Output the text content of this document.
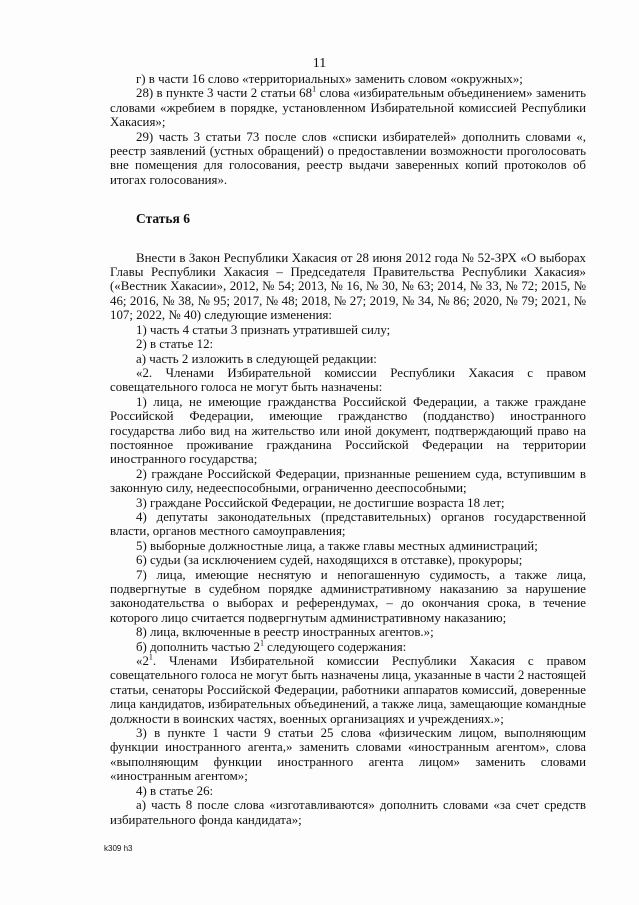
11

г) в части 16 слово «территориальных» заменить словом «окружных»;

28) в пункте 3 части 2 статьи $68^1$ слова «избирательным объединением» заменить словами «жребием в порядке, установленном Избирательной комиссией Республики Хакасия»;

29) часть 3 статьи 73 после слов «списки избирателей» дополнить словами «, реестр заявлений (устных обращений) о предоставлении возможности проголосовать вне помещения для голосования, реестр выдачи заверенных копий протоколов об итогах голосования».

Статья 6

Внести в Закон Республики Хакасия от 28 июня 2012 года № 52-ЗРХ «О выборах Главы Республики Хакасия – Председателя Правительства Республики Хакасия» («Вестник Хакасии», 2012, № 54; 2013, № 16, № 30, № 63; 2014, № 33, № 72; 2015, № 46; 2016, № 38, № 95; 2017, № 48; 2018, № 27; 2019, № 34, № 86; 2020, № 79; 2021, № 107; 2022, № 40) следующие изменения:

1) часть 4 статьи 3 признать утратившей силу;

2) в статье 12:

а) часть 2 изложить в следующей редакции:

«2. Членами Избирательной комиссии Республики Хакасия с правом совещательного голоса не могут быть назначены:

1) лица, не имеющие гражданства Российской Федерации, а также граждане Российской Федерации, имеющие гражданство (подданство) иностранного государства либо вид на жительство или иной документ, подтверждающий право на постоянное проживание гражданина Российской Федерации на территории иностранного государства;

2) граждане Российской Федерации, признанные решением суда, вступившим в законную силу, недееспособными, ограниченно дееспособными;

3) граждане Российской Федерации, не достигшие возраста 18 лет;

4) депутаты законодательных (представительных) органов государственной власти, органов местного самоуправления;

5) выборные должностные лица, а также главы местных администраций;

6) судьи (за исключением судей, находящихся в отставке), прокуроры;

7) лица, имеющие неснятую и непогашенную судимость, а также лица, подвергнутые в судебном порядке административному наказанию за нарушение законодательства о выборах и референдумах, – до окончания срока, в течение которого лицо считается подвергнутым административному наказанию;

8) лица, включенные в реестр иностранных агентов.»;

б) дополнить частью $2^1$ следующего содержания:

«$2^1$. Членами Избирательной комиссии Республики Хакасия с правом совещательного голоса не могут быть назначены лица, указанные в части 2 настоящей статьи, сенаторы Российской Федерации, работники аппаратов комиссий, доверенные лица кандидатов, избирательных объединений, а также лица, замещающие командные должности в воинских частях, военных организациях и учреждениях.»;

3) в пункте 1 части 9 статьи 25 слова «физическим лицом, выполняющим функции иностранного агента,» заменить словами «иностранным агентом», слова «выполняющим функции иностранного агента лицом» заменить словами «иностранным агентом»;

4) в статье 26:

а) часть 8 после слова «изготавливаются» дополнить словами «за счет средств избирательного фонда кандидата»;

k309 h3
